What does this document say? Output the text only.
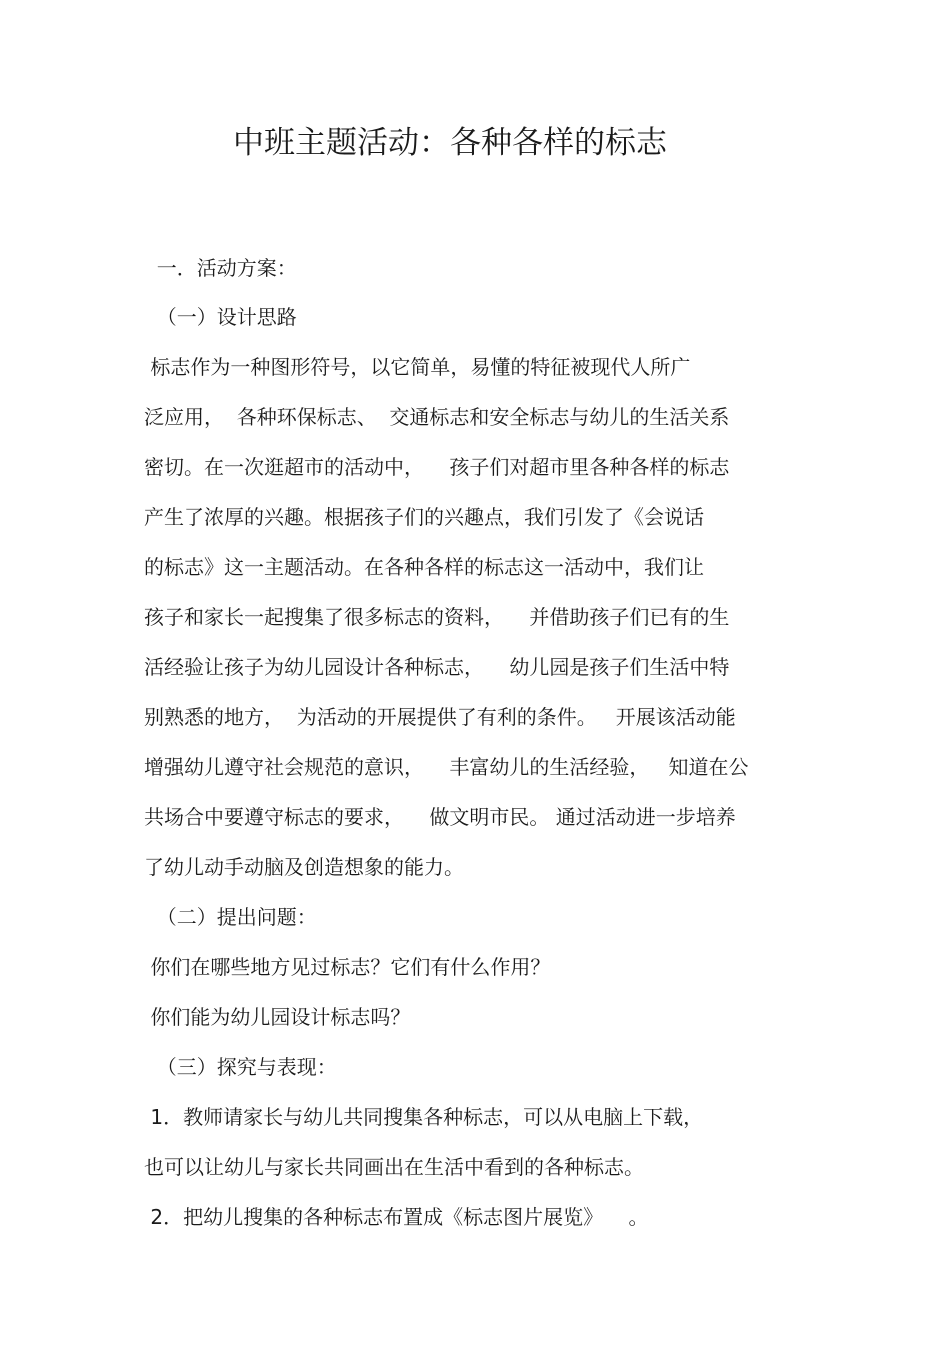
中班主题活动：各种各样的标志

一．活动方案：

（一）设计思路

标志作为一种图形符号，以它简单，易懂的特征被现代人所广

泛应用，  各种环保标志、  交通标志和安全标志与幼儿的生活关系

密切。在一次逛超市的活动中，    孩子们对超市里各种各样的标志

产生了浓厚的兴趣。根据孩子们的兴趣点，我们引发了《会说话

的标志》这一主题活动。在各种各样的标志这一活动中，我们让

孩子和家长一起搜集了很多标志的资料，    并借助孩子们已有的生

活经验让孩子为幼儿园设计各种标志，    幼儿园是孩子们生活中特

别熟悉的地方，  为活动的开展提供了有利的条件。   开展该活动能

增强幼儿遵守社会规范的意识，    丰富幼儿的生活经验，   知道在公

共场合中要遵守标志的要求，    做文明市民。 通过活动进一步培养

了幼儿动手动脑及创造想象的能力。

（二）提出问题：

你们在哪些地方见过标志？它们有什么作用？

你们能为幼儿园设计标志吗？

（三）探究与表现：

1．教师请家长与幼儿共同搜集各种标志，可以从电脑上下载，

也可以让幼儿与家长共同画出在生活中看到的各种标志。

2．把幼儿搜集的各种标志布置成《标志图片展览》    。
